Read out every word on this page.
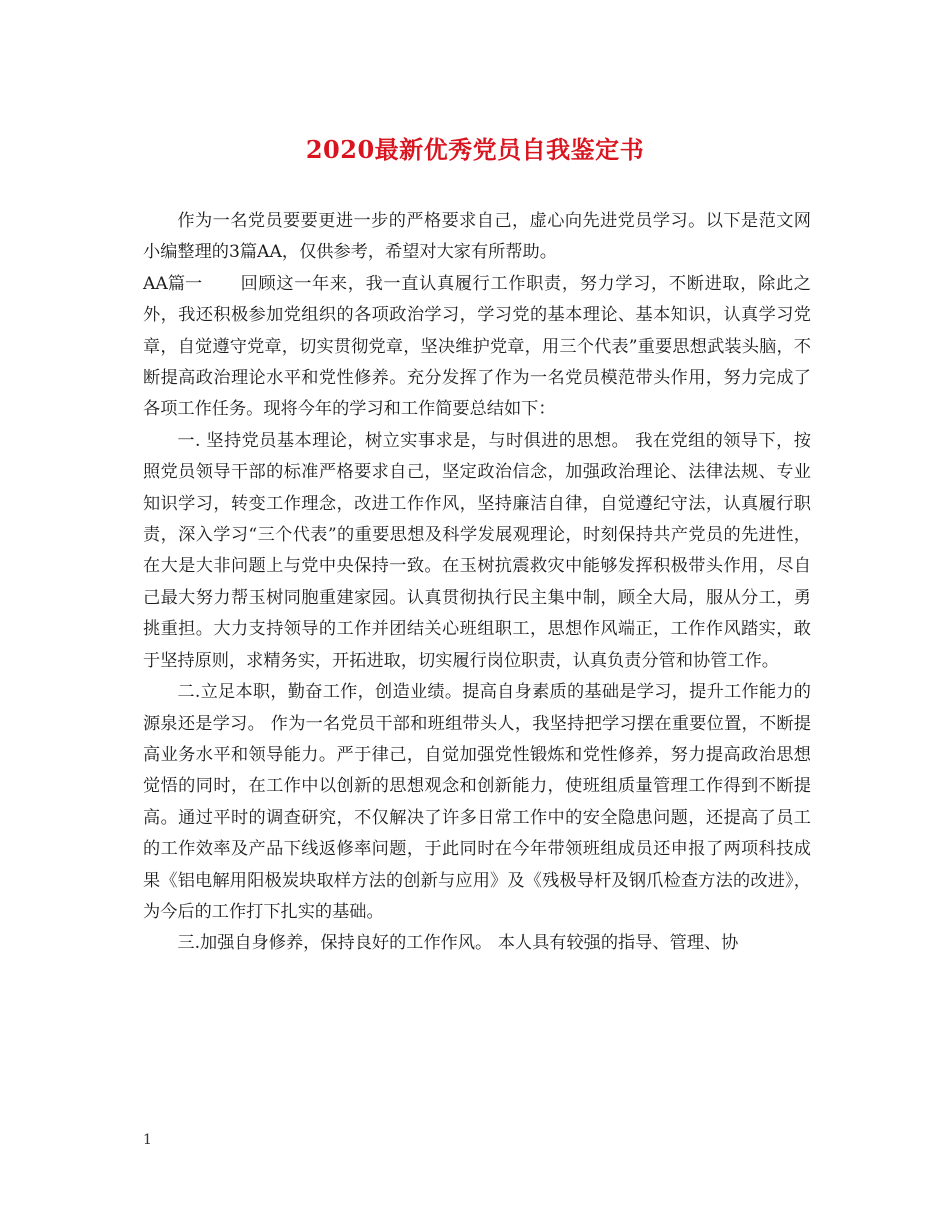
2020最新优秀党员自我鉴定书

作为一名党员要要更进一步的严格要求自己，虚心向先进党员学习。以下是范文网小编整理的3篇AA，仅供参考，希望对大家有所帮助。

AA篇一 回顾这一年来，我一直认真履行工作职责，努力学习，不断进取，除此之外，我还积极参加党组织的各项政治学习，学习党的基本理论、基本知识，认真学习党章，自觉遵守党章，切实贯彻党章，坚决维护党章，用三个代表”重要思想武装头脑，不断提高政治理论水平和党性修养。充分发挥了作为一名党员模范带头作用，努力完成了各项工作任务。现将今年的学习和工作简要总结如下：

一. 坚持党员基本理论，树立实事求是，与时俱进的思想。 我在党组的领导下，按照党员领导干部的标准严格要求自己，坚定政治信念，加强政治理论、法律法规、专业知识学习，转变工作理念，改进工作作风，坚持廉洁自律，自觉遵纪守法，认真履行职责，深入学习“三个代表”的重要思想及科学发展观理论，时刻保持共产党员的先进性，在大是大非问题上与党中央保持一致。在玉树抗震救灾中能够发挥积极带头作用，尽自己最大努力帮玉树同胞重建家园。认真贯彻执行民主集中制，顾全大局，服从分工，勇挑重担。大力支持领导的工作并团结关心班组职工，思想作风端正，工作作风踏实，敢于坚持原则，求精务实，开拓进取，切实履行岗位职责，认真负责分管和协管工作。

二.立足本职，勤奋工作，创造业绩。提高自身素质的基础是学习，提升工作能力的源泉还是学习。 作为一名党员干部和班组带头人，我坚持把学习摆在重要位置，不断提高业务水平和领导能力。严于律己，自觉加强党性锻炼和党性修养，努力提高政治思想觉悟的同时，在工作中以创新的思想观念和创新能力，使班组质量管理工作得到不断提高。通过平时的调查研究，不仅解决了许多日常工作中的安全隐患问题，还提高了员工的工作效率及产品下线返修率问题，于此同时在今年带领班组成员还申报了两项科技成果《铝电解用阳极炭块取样方法的创新与应用》及《残极导杆及钢爪检查方法的改进》，为今后的工作打下扎实的基础。

三.加强自身修养，保持良好的工作作风。 本人具有较强的指导、管理、协

1
